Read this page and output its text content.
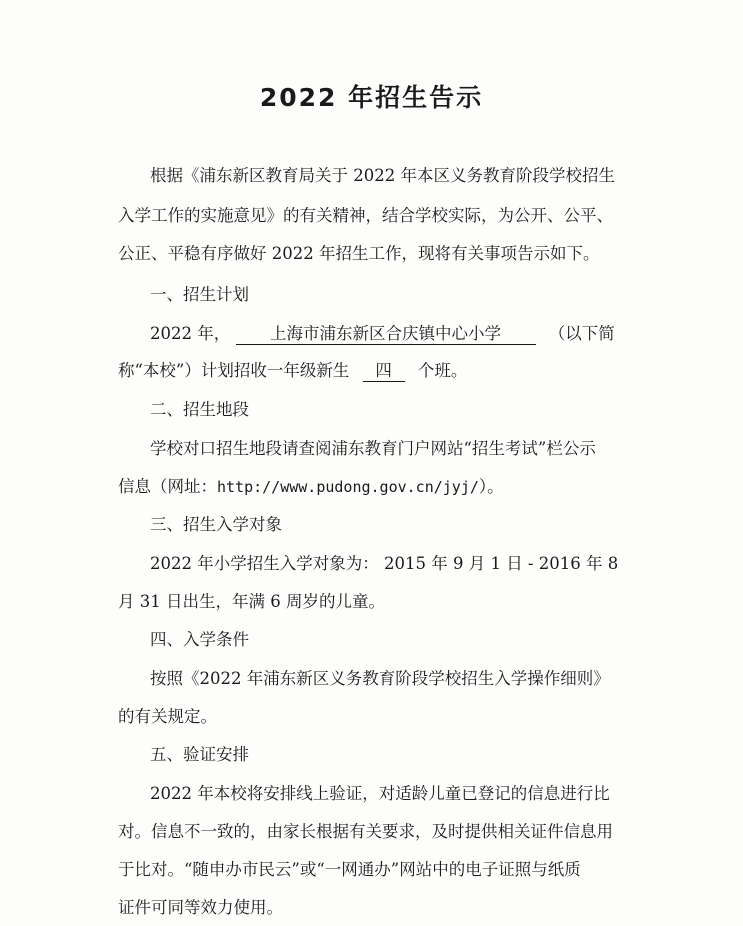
2022 年招生告示
根据《浦东新区教育局关于 2022 年本区义务教育阶段学校招生
入学工作的实施意见》的有关精神，结合学校实际，为公开、公平、
公正、平稳有序做好 2022 年招生工作，现将有关事项告示如下。
一、招生计划
2022 年， 上海市浦东新区合庆镇中心小学	（以下简
称“本校”）计划招收一年级新生 四 个班。
二、招生地段
学校对口招生地段请查阅浦东教育门户网站“招生考试”栏公示
信息（网址：http://www.pudong.gov.cn/jyj/）。
三、招生入学对象
2022 年小学招生入学对象为： 2015 年 9 月 1 日 - 2016 年 8
月 31 日出生，年满 6 周岁的儿童。
四、入学条件
按照《2022 年浦东新区义务教育阶段学校招生入学操作细则》
的有关规定。
五、验证安排
2022 年本校将安排线上验证，对适龄儿童已登记的信息进行比
对。信息不一致的，由家长根据有关要求，及时提供相关证件信息用
于比对。“随申办市民云”或“一网通办”网站中的电子证照与纸质
证件可同等效力使用。
